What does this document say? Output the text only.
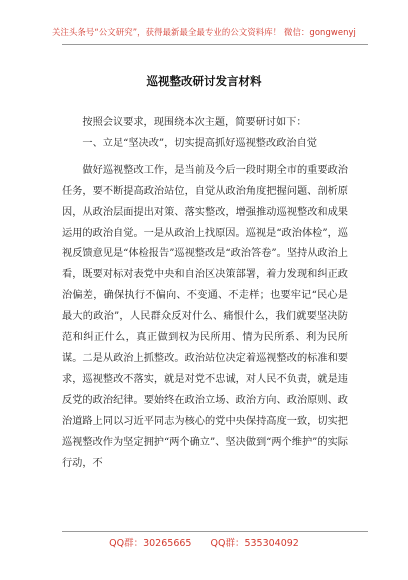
关注头条号“公文研究”，获得最新最全最专业的公文资料库！ 微信：gongwenyj
巡视整改研讨发言材料

按照会议要求，现围绕本次主题，简要研讨如下：

一、立足“坚决改”，切实提高抓好巡视整改政治自觉

做好巡视整改工作，是当前及今后一段时期全市的重要政治任务，要不断提高政治站位，自觉从政治角度把握问题、剖析原因，从政治层面提出对策、落实整改，增强推动巡视整改和成果运用的政治自觉。一是从政治上找原因。巡视是“政治体检”，巡视反馈意见是“体检报告”巡视整改是“政治答卷”。坚持从政治上看，既要对标对表党中央和自治区决策部署，着力发现和纠正政治偏差，确保执行不偏向、不变通、不走样；也要牢记“民心是最大的政治”，人民群众反对什么、痛恨什么，我们就要坚决防范和纠正什么，真正做到权为民所用、情为民所系、利为民所谋。二是从政治上抓整改。政治站位决定着巡视整改的标准和要求，巡视整改不落实，就是对党不忠诚，对人民不负责，就是违反党的政治纪律。要始终在政治立场、政治方向、政治原则、政治道路上同以习近平同志为核心的党中央保持高度一致，切实把巡视整改作为坚定拥护“两个确立”、坚决做到“两个维护”的实际行动，不

QQ群：30265665 QQ群：535304092
